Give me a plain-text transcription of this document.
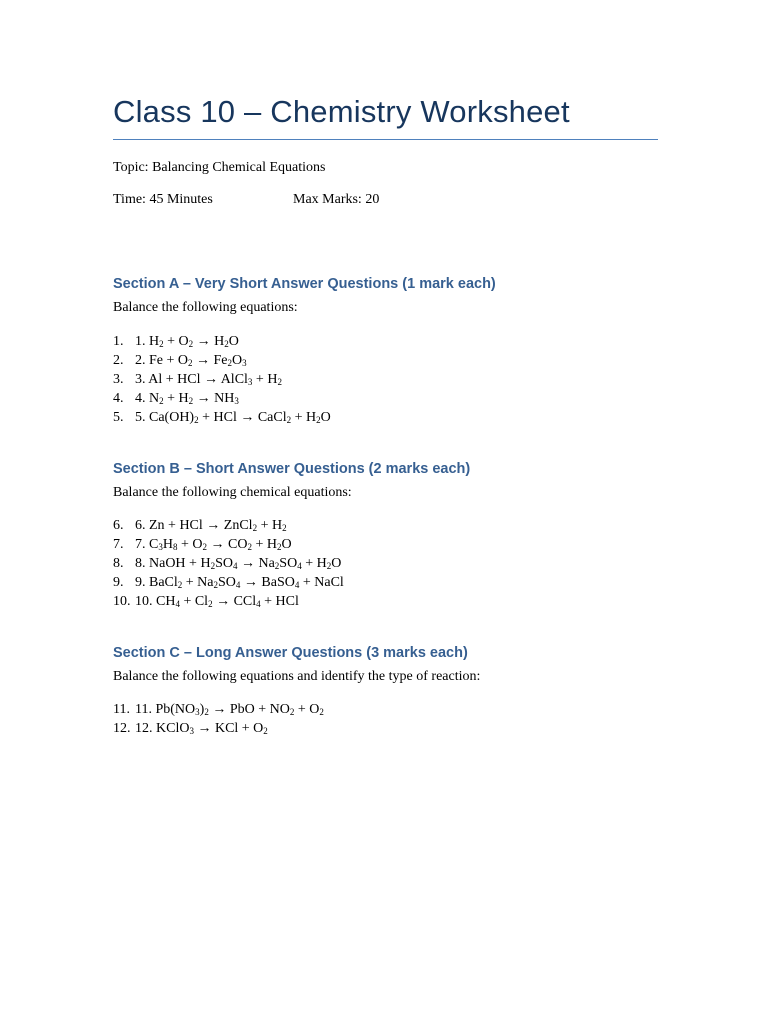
Class 10 – Chemistry Worksheet
Topic: Balancing Chemical Equations
Time: 45 Minutes	Max Marks: 20
Section A – Very Short Answer Questions (1 mark each)
Balance the following equations:
1. 1. $H_2 + O_2 \to H_2O$
2. 2. $Fe + O_2 \to Fe_2O_3$
3. 3. Al + HCl → AlCl$_3$ + $H_2$
4. 4. $N_2 + H_2 \to NH_3$
5. 5. $Ca(OH)_2$ + HCl → CaCl$_2$ + $H_2O$
Section B – Short Answer Questions (2 marks each)
Balance the following chemical equations:
6. 6. Zn + HCl → ZnCl$_2$ + $H_2$
7. 7. $C_3H_8 + O_2 \to CO_2 + H_2O$
8. 8. NaOH + $H_2SO_4 \to Na_2SO_4 + H_2O$
9. 9. BaCl$_2$ + $Na_2SO_4$ → BaSO$_4$ + NaCl
10. 10. $CH_4 + Cl_2 \to CCl_4$ + HCl
Section C – Long Answer Questions (3 marks each)
Balance the following equations and identify the type of reaction:
11. 11. $Pb(NO_3)_2$ → PbO + $NO_2 + O_2$
12. 12. KClO$_3$ → KCl + $O_2$
